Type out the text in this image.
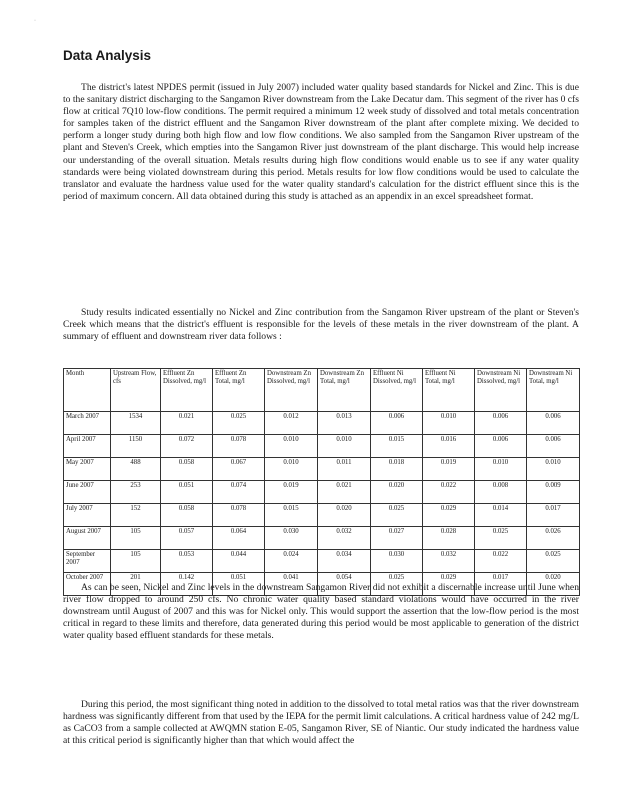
·
Data Analysis

The district's latest NPDES permit (issued in July 2007) included water quality based standards for Nickel and Zinc. This is due to the sanitary district discharging to the Sangamon River downstream from the Lake Decatur dam. This segment of the river has 0 cfs flow at critical 7Q10 low-flow conditions. The permit required a minimum 12 week study of dissolved and total metals concentration for samples taken of the district effluent and the Sangamon River downstream of the plant after complete mixing. We decided to perform a longer study during both high flow and low flow conditions. We also sampled from the Sangamon River upstream of the plant and Steven's Creek, which empties into the Sangamon River just downstream of the plant discharge. This would help increase our understanding of the overall situation. Metals results during high flow conditions would enable us to see if any water quality standards were being violated downstream during this period. Metals results for low flow conditions would be used to calculate the translator and evaluate the hardness value used for the water quality standard's calculation for the district effluent since this is the period of maximum concern. All data obtained during this study is attached as an appendix in an excel spreadsheet format.

Study results indicated essentially no Nickel and Zinc contribution from the Sangamon River upstream of the plant or Steven's Creek which means that the district's effluent is responsible for the levels of these metals in the river downstream of the plant. A summary of effluent and downstream river data follows :

Month	Upstream Flow, cfs	Effluent Zn Dissolved, mg/l	Effluent Zn Total, mg/l	Downstream Zn Dissolved, mg/l	Downstream Zn Total, mg/l	Effluent Ni Dissolved, mg/l	Effluent Ni Total, mg/l	Downstream Ni Dissolved, mg/l	Downstream Ni Total, mg/l
March 2007	1534	0.021	0.025	0.012	0.013	0.006	0.010	0.006	0.006
April 2007	1150	0.072	0.078	0.010	0.010	0.015	0.016	0.006	0.006
May 2007	488	0.058	0.067	0.010	0.011	0.018	0.019	0.010	0.010
June 2007	253	0.051	0.074	0.019	0.021	0.020	0.022	0.008	0.009
July 2007	152	0.058	0.078	0.015	0.020	0.025	0.029	0.014	0.017
August 2007	105	0.057	0.064	0.030	0.032	0.027	0.028	0.025	0.026
September 2007	105	0.053	0.044	0.024	0.034	0.030	0.032	0.022	0.025
October 2007	201	0.142	0.051	0.041	0.054	0.025	0.029	0.017	0.020

As can be seen, Nickel and Zinc levels in the downstream Sangamon River did not exhibit a discernable increase until June when river flow dropped to around 250 cfs. No chronic water quality based standard violations would have occurred in the river downstream until August of 2007 and this was for Nickel only. This would support the assertion that the low-flow period is the most critical in regard to these limits and therefore, data generated during this period would be most applicable to generation of the district water quality based effluent standards for these metals.

During this period, the most significant thing noted in addition to the dissolved to total metal ratios was that the river downstream hardness was significantly different from that used by the IEPA for the permit limit calculations. A critical hardness value of 242 mg/L as CaCO3 from a sample collected at AWQMN station E-05, Sangamon River, SE of Niantic. Our study indicated the hardness value at this critical period is significantly higher than that which would affect the
